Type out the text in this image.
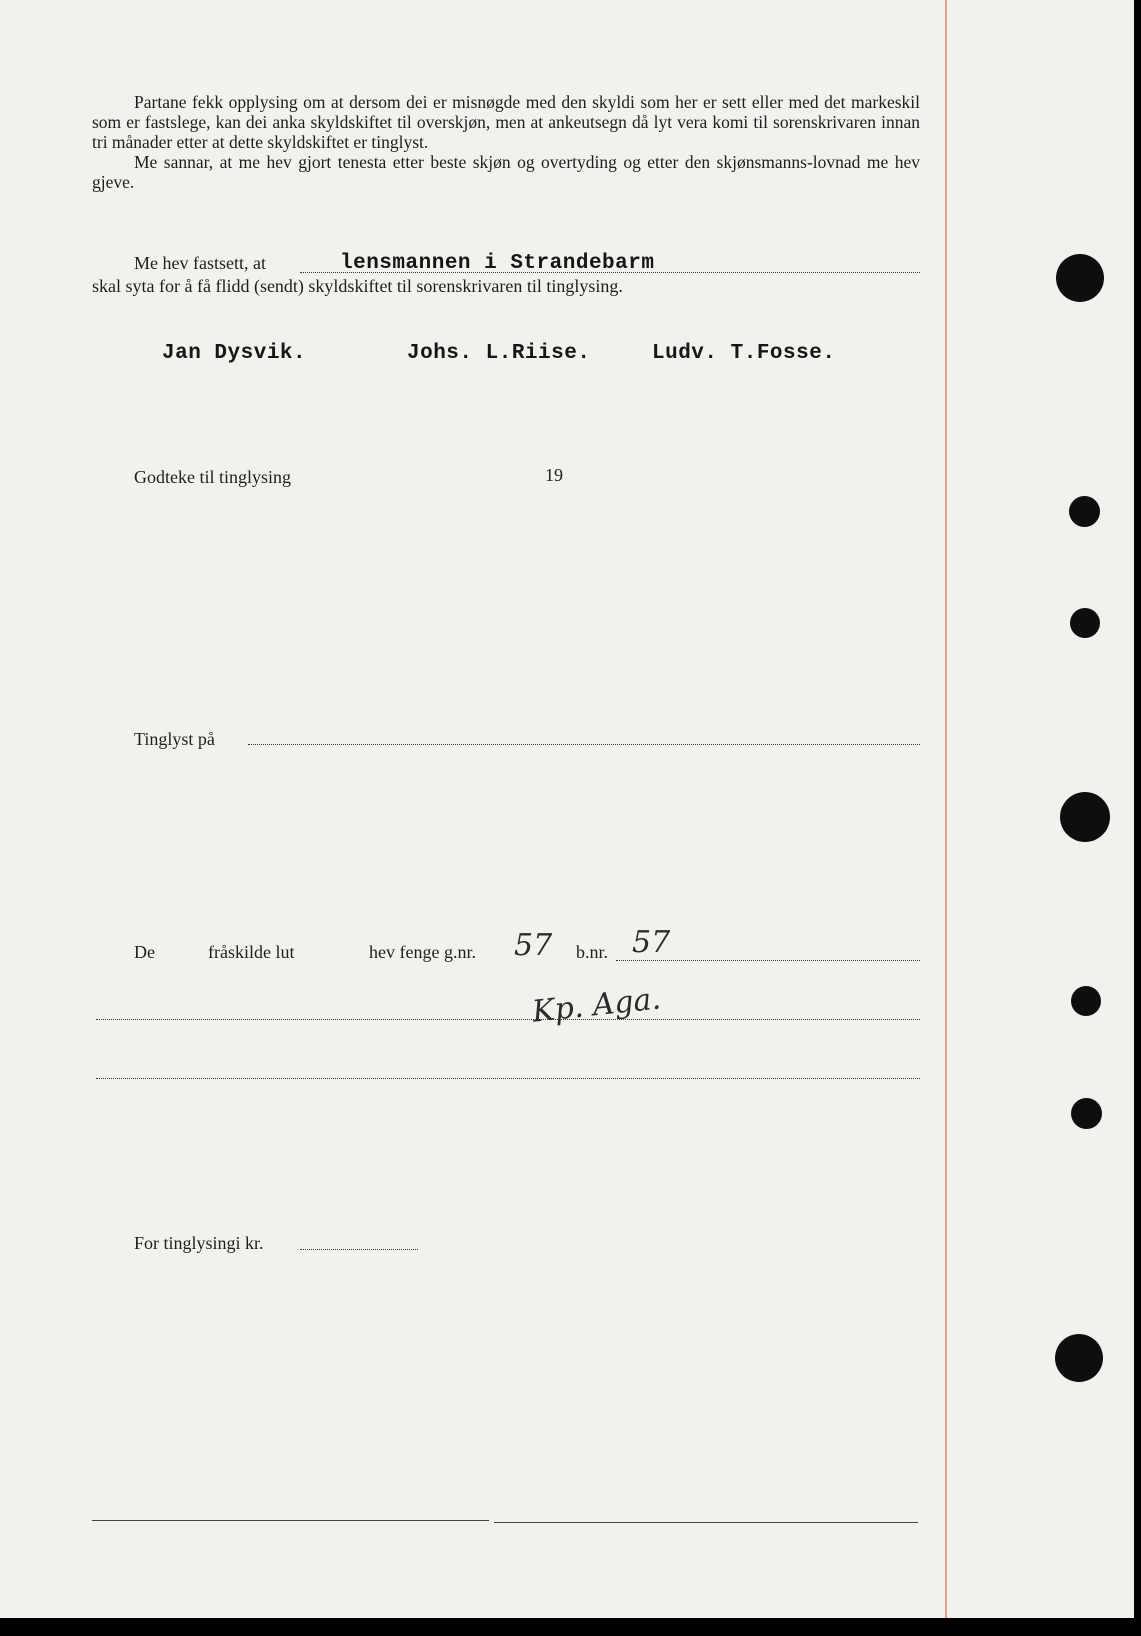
Partane fekk opplysing om at dersom dei er misnøgde med den skyldi som her er sett eller med det markeskil som er fastslege, kan dei anka skyldskiftet til overskjøn, men at ankeutsegn då lyt vera komi til sorenskrivaren innan tri månader etter at dette skyldskiftet er tinglyst.

Me sannar, at me hev gjort tenesta etter beste skjøn og overtyding og etter den skjønsmanns-lovnad me hev gjeve.

Me hev fastsett, at	lensmannen i Strandebarm
skal syta for å få flidd (sendt) skyldskiftet til sorenskrivaren til tinglysing.
Jan Dysvik.	Johs. L.Riise.	Ludv. T.Fosse.
Godteke til tinglysing	19
Tinglyst på
De	fråskilde lut	hev fenge g.nr. 57 b.nr. 57
Kp. Aga.
For tinglysingi kr.
